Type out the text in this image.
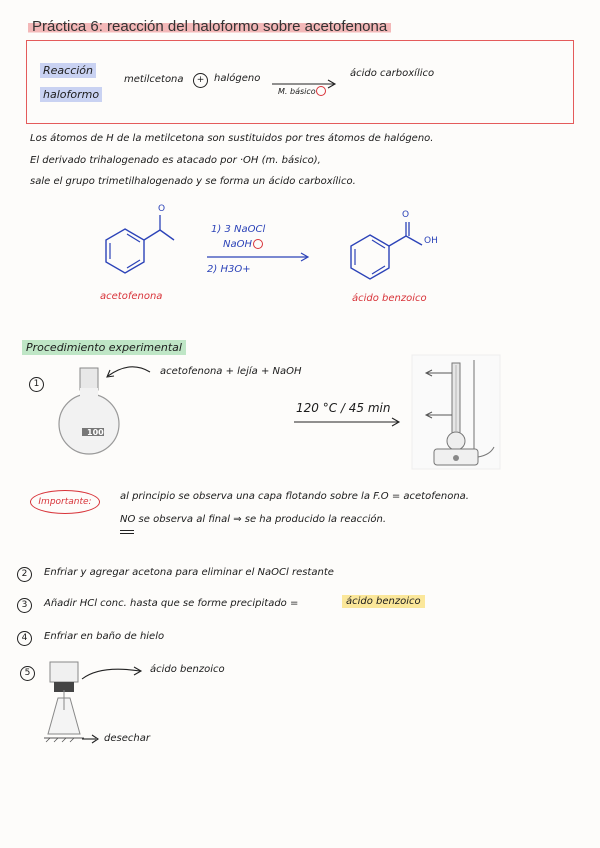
Práctica 6: reacción del haloformo sobre acetofenona
Reacción
haloformo
metilcetona	+ halógeno
M. básico
ácido carboxílico
Los átomos de H de la metilcetona son sustituidos por tres átomos de halógeno.
El derivado trihalogenado es atacado por ·OH (m. básico),
sale el grupo trimetilhalogenado y se forma un ácido carboxílico.
O
acetofenona
1) 3 NaOCl
NaOH
2) H3O+
O
OH
ácido benzoico
Procedimiento experimental
1
100
acetofenona + lejía + NaOH
120 °C / 45 min
Importante:	al principio se observa una capa flotando sobre la F.O = acetofenona.
NO se observa al final ⇒ se ha producido la reacción.
2	Enfriar y agregar acetona para eliminar el NaOCl restante
3	Añadir HCl conc. hasta que se forme precipitado =	ácido benzoico
4	Enfriar en baño de hielo
5	ácido benzoico
desechar
